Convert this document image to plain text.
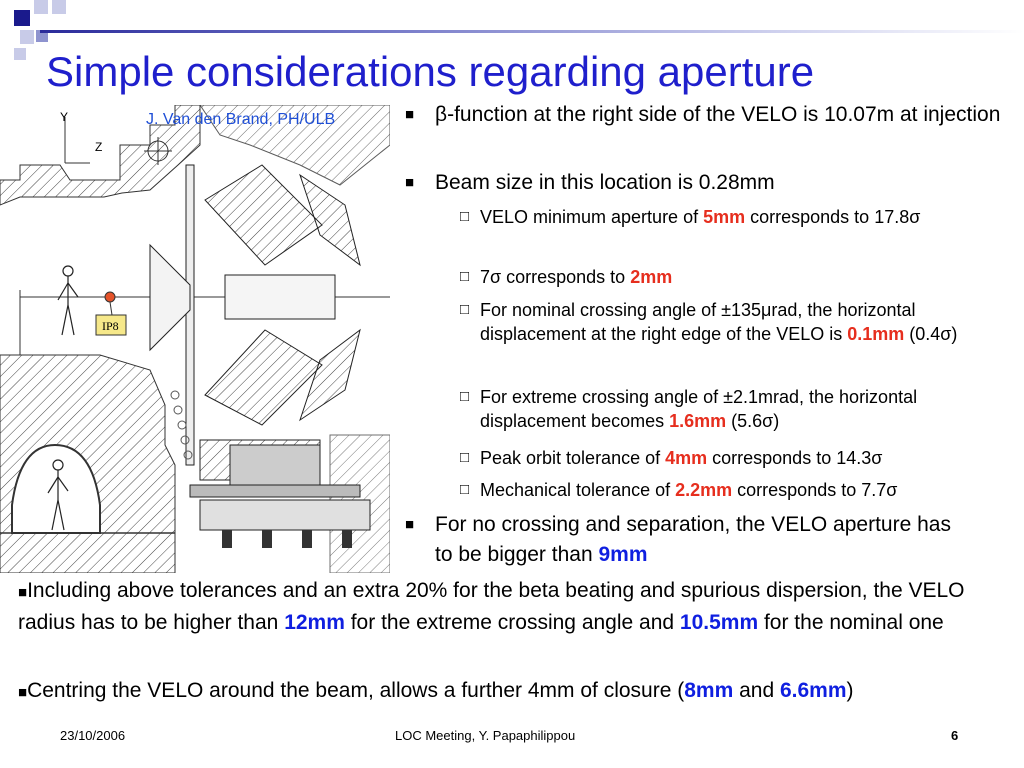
Simple considerations regarding aperture
Y
Z
IP8
J. Van den Brand, PH/ULB	■ β-function at the right side of the VELO is 10.07m at injection
■ Beam size in this location is 0.28mm
□ VELO minimum aperture of 5mm corresponds to 17.8σ
□ 7σ corresponds to 2mm
□ For nominal crossing angle of ±135μrad, the horizontal displacement at the right edge of the VELO is 0.1mm (0.4σ)
□ For extreme crossing angle of ±2.1mrad, the horizontal displacement becomes 1.6mm (5.6σ)
□ Peak orbit tolerance of 4mm corresponds to 14.3σ
□ Mechanical tolerance of 2.2mm corresponds to 7.7σ
■ For no crossing and separation, the VELO aperture has to be bigger than 9mm
■Including above tolerances and an extra 20% for the beta beating and spurious dispersion, the VELO radius has to be higher than 12mm for the extreme crossing angle and 10.5mm for the nominal one
■Centring the VELO around the beam, allows a further 4mm of closure (8mm and 6.6mm)
23/10/2006	LOC Meeting, Y. Papaphilippou	6
